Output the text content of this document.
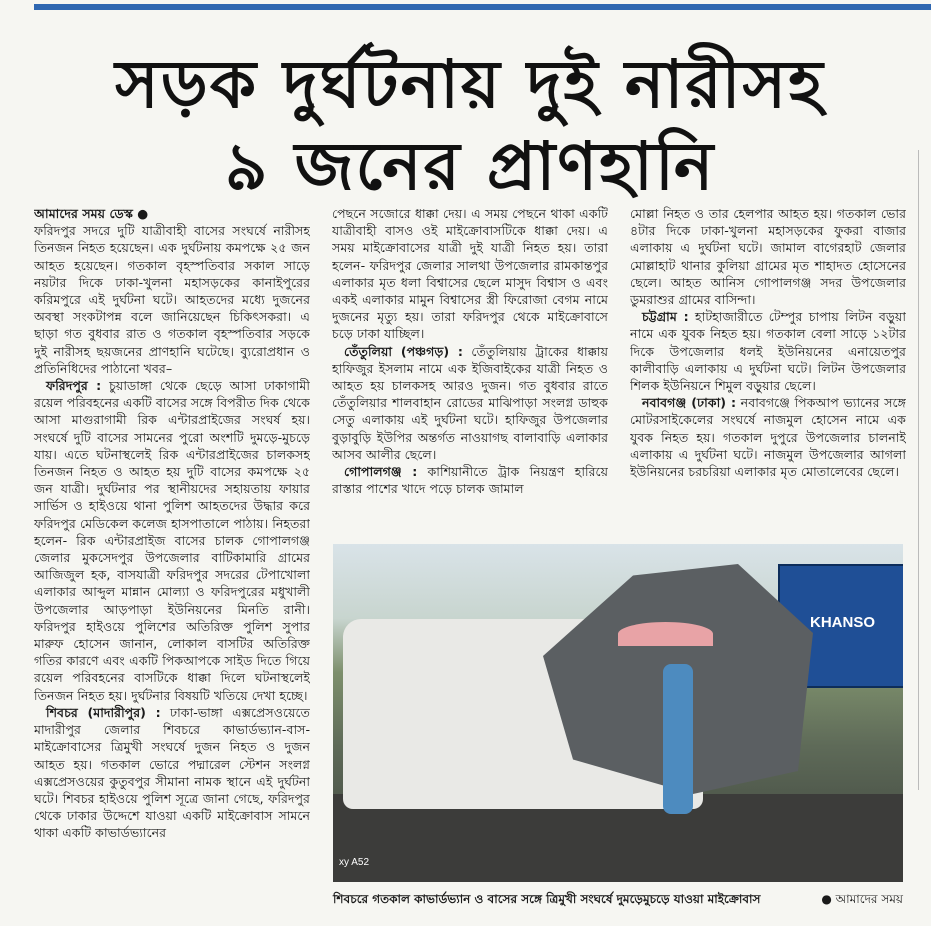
সড়ক দুর্ঘটনায় দুই নারীসহ
৯ জনের প্রাণহানি

আমাদের সময় ডেস্ক ●

ফরিদপুর সদরে দুটি যাত্রীবাহী বাসের সংঘর্ষে নারীসহ তিনজন নিহত হয়েছেন। এক দুর্ঘটনায় কমপক্ষে ২৫ জন আহত হয়েছেন। গতকাল বৃহস্পতিবার সকাল সাড়ে নয়টার দিকে ঢাকা-খুলনা মহাসড়কের কানাইপুরের করিমপুরে এই দুর্ঘটনা ঘটে। আহতদের মধ্যে দুজনের অবস্থা সংকটাপন্ন বলে জানিয়েছেন চিকিৎসকরা। এ ছাড়া গত বুধবার রাত ও গতকাল বৃহস্পতিবার সড়কে দুই নারীসহ ছয়জনের প্রাণহানি ঘটেছে। ব্যুরোপ্রধান ও প্রতিনিধিদের পাঠানো খবর–

ফরিদপুর : চুয়াডাঙ্গা থেকে ছেড়ে আসা ঢাকাগামী রয়েল পরিবহনের একটি বাসের সঙ্গে বিপরীত দিক থেকে আসা মাগুরাগামী রিক এন্টারপ্রাইজের সংঘর্ষ হয়। সংঘর্ষে দুটি বাসের সামনের পুরো অংশটি দুমড়ে-মুচড়ে যায়। এতে ঘটনাস্থলেই রিক এন্টারপ্রাইজের চালকসহ তিনজন নিহত ও আহত হয় দুটি বাসের কমপক্ষে ২৫ জন যাত্রী। দুর্ঘটনার পর স্থানীয়দের সহায়তায় ফায়ার সার্ভিস ও হাইওয়ে থানা পুলিশ আহতদের উদ্ধার করে ফরিদপুর মেডিকেল কলেজ হাসপাতালে পাঠায়। নিহতরা হলেন- রিক এন্টারপ্রাইজ বাসের চালক গোপালগঞ্জ জেলার মুকসেদপুর উপজেলার বাটিকামারি গ্রামের আজিজুল হক, বাসযাত্রী ফরিদপুর সদরের টেপাখোলা এলাকার আব্দুল মান্নান মোল্যা ও ফরিদপুরের মধুখালী উপজেলার আড়পাড়া ইউনিয়নের মিনতি রানী। ফরিদপুর হাইওয়ে পুলিশের অতিরিক্ত পুলিশ সুপার মারুফ হোসেন জানান, লোকাল বাসটির অতিরিক্ত গতির কারণে এবং একটি পিকআপকে সাইড দিতে গিয়ে রয়েল পরিবহনের বাসটিকে ধাক্কা দিলে ঘটনাস্থলেই তিনজন নিহত হয়। দুর্ঘটনার বিষয়টি খতিয়ে দেখা হচ্ছে।

শিবচর (মাদারীপুর) : ঢাকা-ভাঙ্গা এক্সপ্রেসওয়েতে মাদারীপুর জেলার শিবচরে কাভার্ডভ্যান-বাস-মাইক্রোবাসের ত্রিমুখী সংঘর্ষে দুজন নিহত ও দুজন আহত হয়। গতকাল ভোরে পদ্মারেল স্টেশন সংলগ্ন এক্সপ্রেসওয়ের কুতুবপুর সীমানা নামক স্থানে এই দুর্ঘটনা ঘটে। শিবচর হাইওয়ে পুলিশ সূত্রে জানা গেছে, ফরিদপুর থেকে ঢাকার উদ্দেশে যাওয়া একটি মাইক্রোবাস সামনে থাকা একটি কাভার্ডভ্যানের

পেছনে সজোরে ধাক্কা দেয়। এ সময় পেছনে থাকা একটি যাত্রীবাহী বাসও ওই মাইক্রোবাসটিকে ধাক্কা দেয়। এ সময় মাইক্রোবাসের যাত্রী দুই যাত্রী নিহত হয়। তারা হলেন- ফরিদপুর জেলার সালথা উপজেলার রামকান্তপুর এলাকার মৃত ধলা বিশ্বাসের ছেলে মাসুদ বিশ্বাস ও এবং একই এলাকার মামুন বিশ্বাসের স্ত্রী ফিরোজা বেগম নামে দুজনের মৃত্যু হয়। তারা ফরিদপুর থেকে মাইক্রোবাসে চড়ে ঢাকা যাচ্ছিল।

তেঁতুলিয়া (পঞ্চগড়) : তেঁতুলিয়ায় ট্রাকের ধাক্কায় হাফিজুর ইসলাম নামে এক ইজিবাইকের যাত্রী নিহত ও আহত হয় চালকসহ আরও দুজন। গত বুধবার রাতে তেঁতুলিয়ার শালবাহান রোডের মাঝিপাড়া সংলগ্ন ডাহুক সেতু এলাকায় এই দুর্ঘটনা ঘটে। হাফিজুর উপজেলার বুড়াবুড়ি ইউপির অন্তর্গত নাওয়াগছ বালাবাড়ি এলাকার আসব আলীর ছেলে।

গোপালগঞ্জ : কাশিয়ানীতে ট্রাক নিয়ন্ত্রণ হারিয়ে রাস্তার পাশের খাদে পড়ে চালক জামাল

মোল্লা নিহত ও তার হেলপার আহত হয়। গতকাল ভোর ৪টার দিকে ঢাকা-খুলনা মহাসড়কের ফুকরা বাজার এলাকায় এ দুর্ঘটনা ঘটে। জামাল বাগেরহাট জেলার মোল্লাহাট থানার কুলিয়া গ্রামের মৃত শাহাদত হোসেনের ছেলে। আহত আনিস গোপালগঞ্জ সদর উপজেলার ডুমরাশুর গ্রামের বাসিন্দা।

চট্টগ্রাম : হাটহাজারীতে টেম্পুর চাপায় লিটন বড়ুয়া নামে এক যুবক নিহত হয়। গতকাল বেলা সাড়ে ১২টার দিকে উপজেলার ধলই ইউনিয়নের এনায়েতপুর কালীবাড়ি এলাকায় এ দুর্ঘটনা ঘটে। লিটন উপজেলার শিলক ইউনিয়নে শিমুল বড়ুয়ার ছেলে।

নবাবগঞ্জ (ঢাকা) : নবাবগঞ্জে পিকআপ ভ্যানের সঙ্গে মোটরসাইকেলের সংঘর্ষে নাজমুল হোসেন নামে এক যুবক নিহত হয়। গতকাল দুপুরে উপজেলার চালনাই এলাকায় এ দুর্ঘটনা ঘটে। নাজমুল উপজেলার আগলা ইউনিয়নের চরচরিয়া এলাকার মৃত মোতালেবের ছেলে।

KHANSO
xy A52
শিবচরে গতকাল কাভার্ডভ্যান ও বাসের সঙ্গে ত্রিমুখী সংঘর্ষে দুমড়েমুচড়ে যাওয়া মাইক্রোবাস	● আমাদের সময়
